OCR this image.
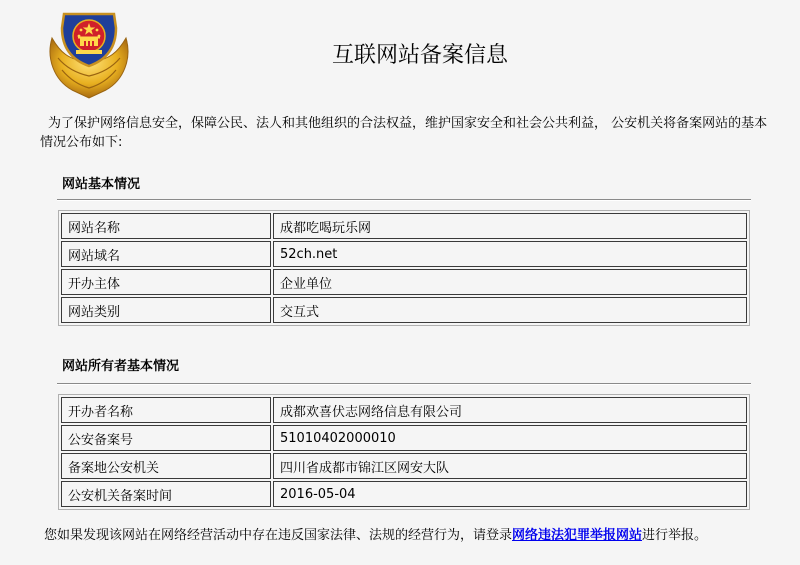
互联网站备案信息
为了保护网络信息安全，保障公民、法人和其他组织的合法权益，维护国家安全和社会公共利益， 公安机关将备案网站的基本情况公布如下:
网站基本情况
网站名称	成都吃喝玩乐网
网站域名	52ch.net
开办主体	企业单位
网站类别	交互式
网站所有者基本情况
开办者名称	成都欢喜伏志网络信息有限公司
公安备案号	51010402000010
备案地公安机关	四川省成都市锦江区网安大队
公安机关备案时间	2016-05-04
您如果发现该网站在网络经营活动中存在违反国家法律、法规的经营行为，请登录网络违法犯罪举报网站进行举报。
